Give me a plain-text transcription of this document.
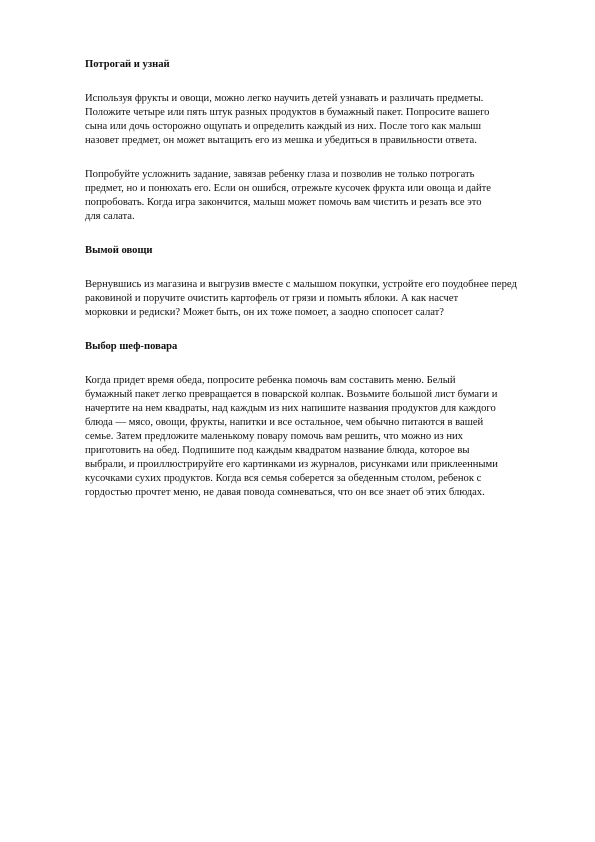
Потрогай и узнай
Используя фрукты и овощи, можно легко научить детей узнавать и различать предметы.
Положите четыре или пять штук разных продуктов в бумажный пакет. Попросите вашего
сына или дочь осторожно ощупать и определить каждый из них. После того как малыш
назовет предмет, он может вытащить его из мешка и убедиться в правильности ответа.
Попробуйте усложнить задание, завязав ребенку глаза и позволив не только потрогать
предмет, но и понюхать его. Если он ошибся, отрежьте кусочек фрукта или овоща и дайте
попробовать. Когда игра закончится, малыш может помочь вам чистить и резать все это
для салата.
Вымой овощи
Вернувшись из магазина и выгрузив вместе с малышом покупки, устройте его поудобнее перед
раковиной и поручите очистить картофель от грязи и помыть яблоки. А как насчет
морковки и редиски? Может быть, он их тоже помоет, а заодно спопосет салат?
Выбор шеф-повара
Когда придет время обеда, попросите ребенка помочь вам составить меню. Белый
бумажный пакет легко превращается в поварской колпак. Возьмите большой лист бумаги и
начертите на нем квадраты, над каждым из них напишите названия продуктов для каждого
блюда — мясо, овощи, фрукты, напитки и все остальное, чем обычно питаются в вашей
семье. Затем предложите маленькому повару помочь вам решить, что можно из них
приготовить на обед. Подпишите под каждым квадратом название блюда, которое вы
выбрали, и проиллюстрируйте его картинками из журналов, рисунками или приклеенными
кусочками сухих продуктов. Когда вся семья соберется за обеденным столом, ребенок с
гордостью прочтет меню, не давая повода сомневаться, что он все знает об этих блюдах.
